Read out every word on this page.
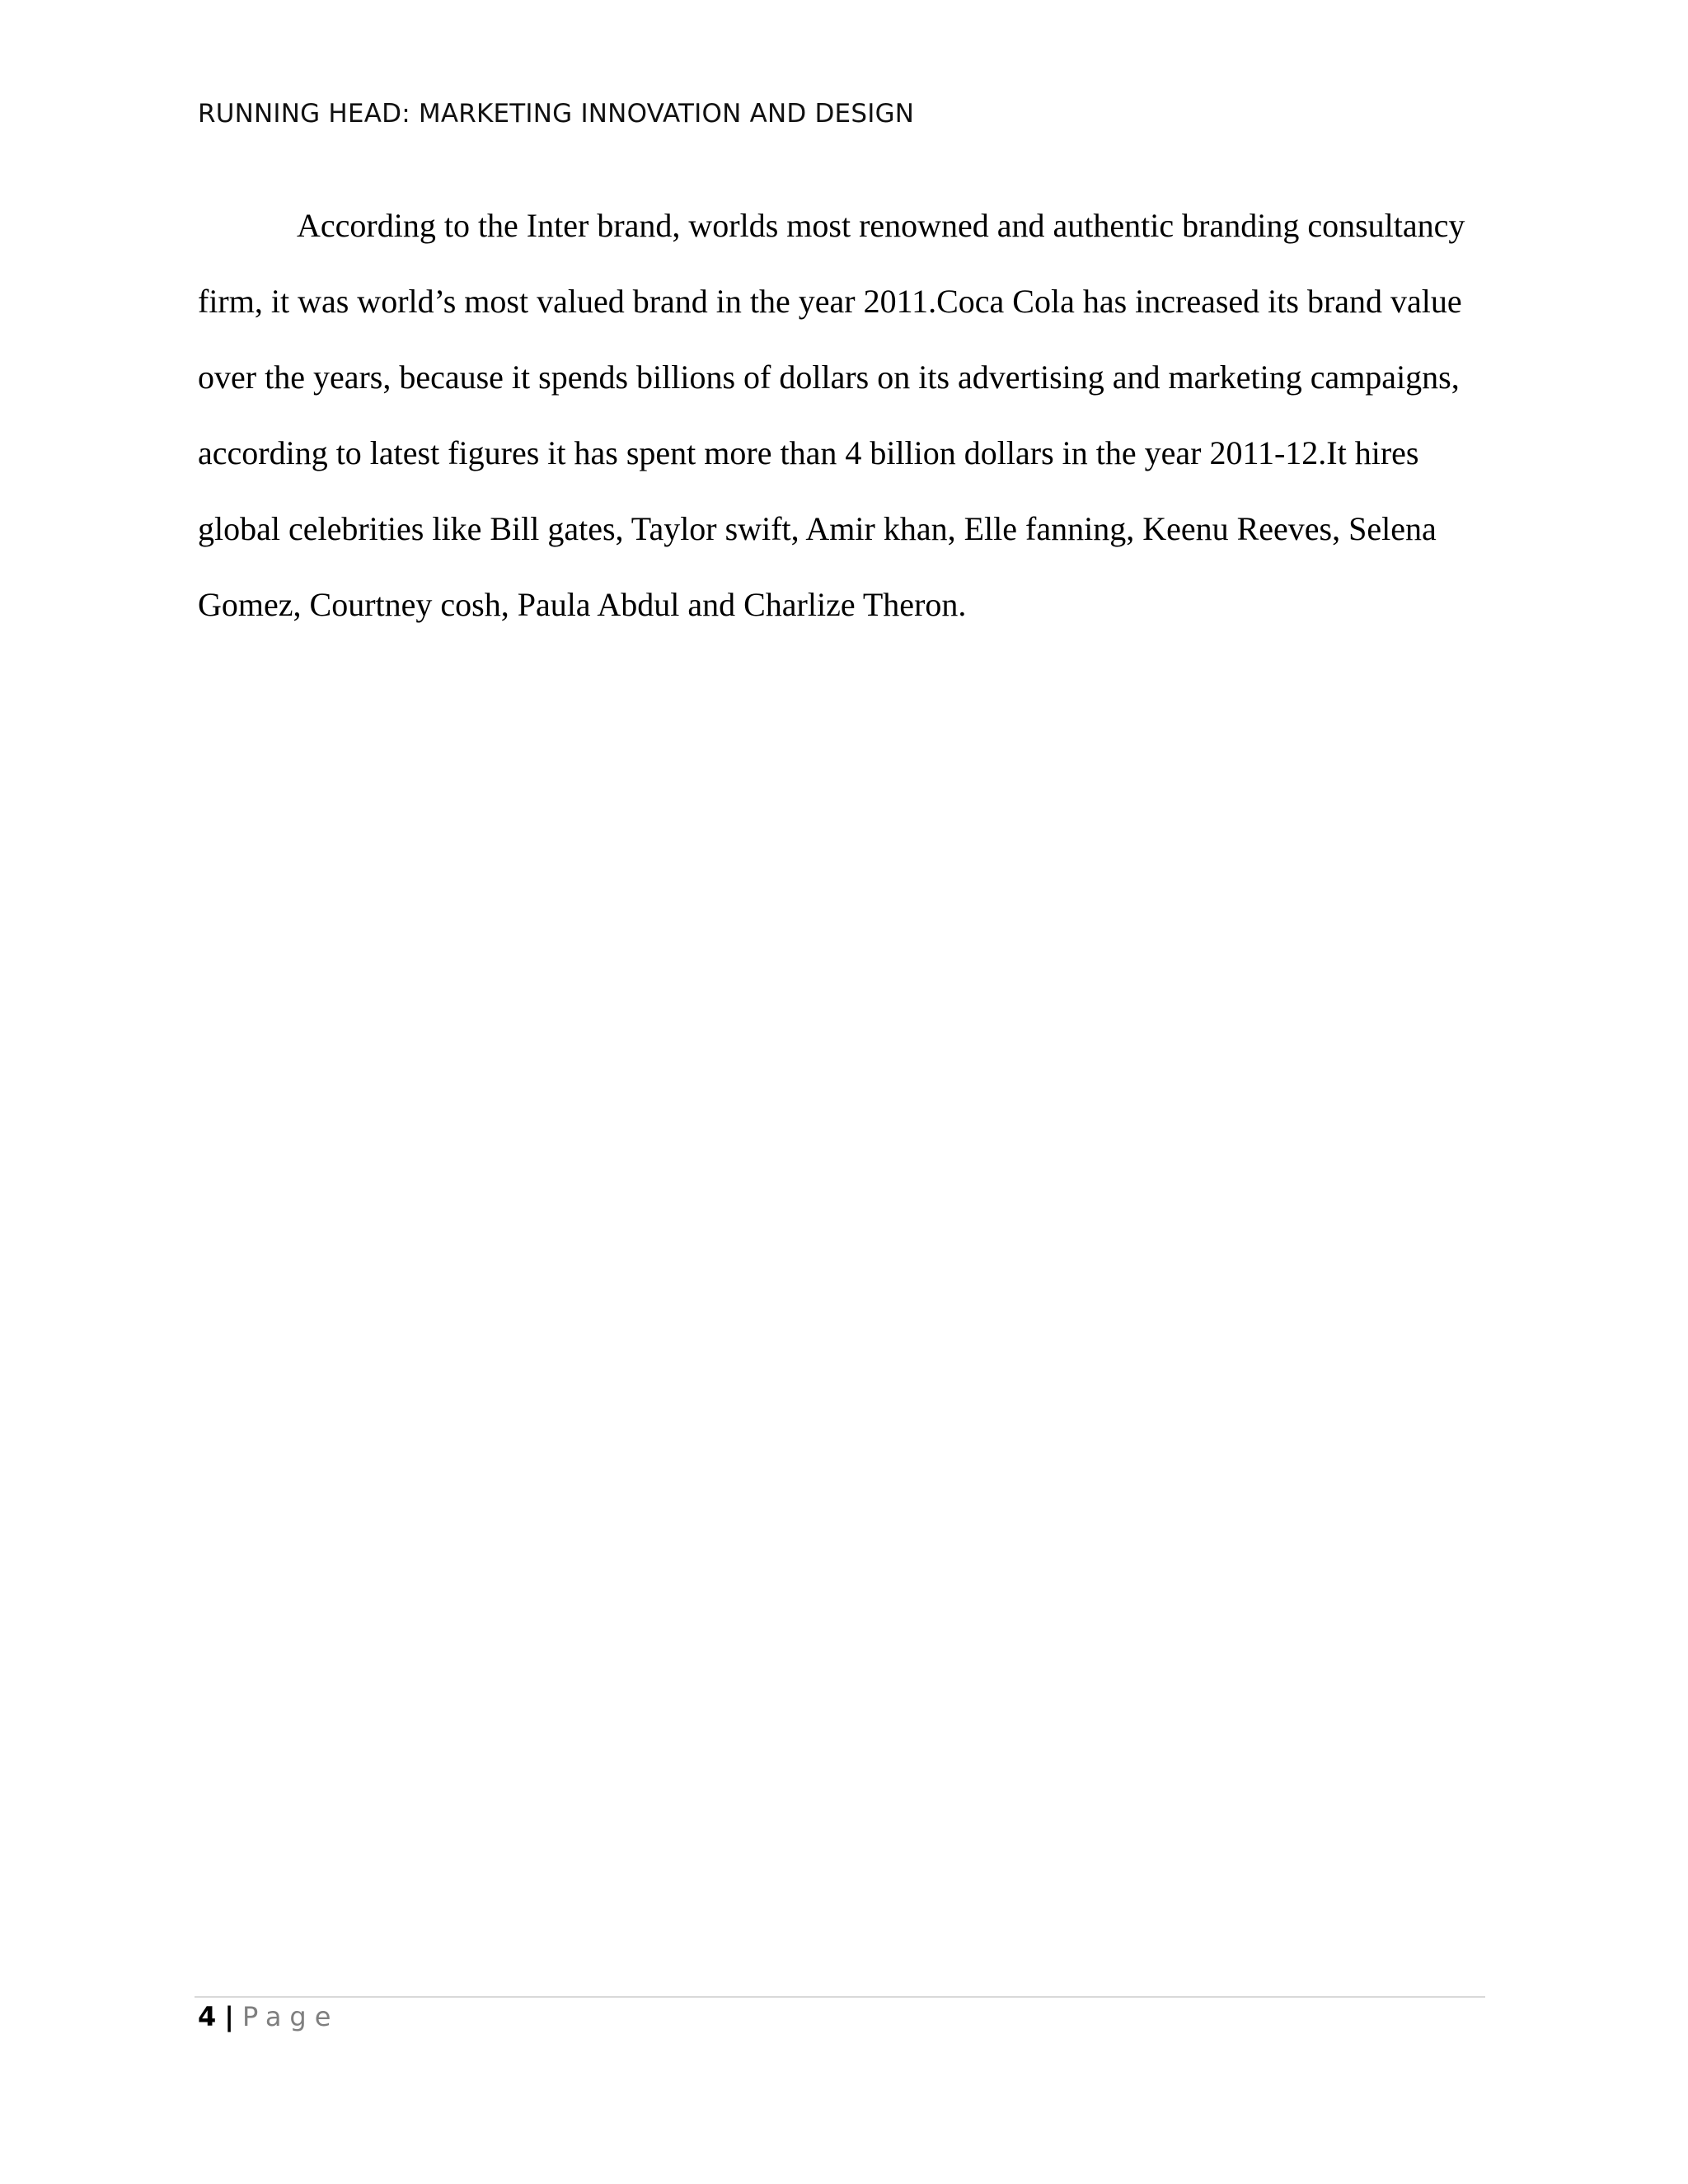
RUNNING HEAD: MARKETING INNOVATION AND DESIGN
According to the Inter brand, worlds most renowned and authentic branding consultancy
firm, it was world’s most valued brand in the year 2011.Coca Cola has increased its brand value
over the years, because it spends billions of dollars on its advertising and marketing campaigns,
according to latest figures it has spent more than 4 billion dollars in the year 2011-12.It hires
global celebrities like Bill gates, Taylor swift, Amir khan, Elle fanning, Keenu Reeves, Selena
Gomez, Courtney cosh, Paula Abdul and Charlize Theron.
4 | Page
